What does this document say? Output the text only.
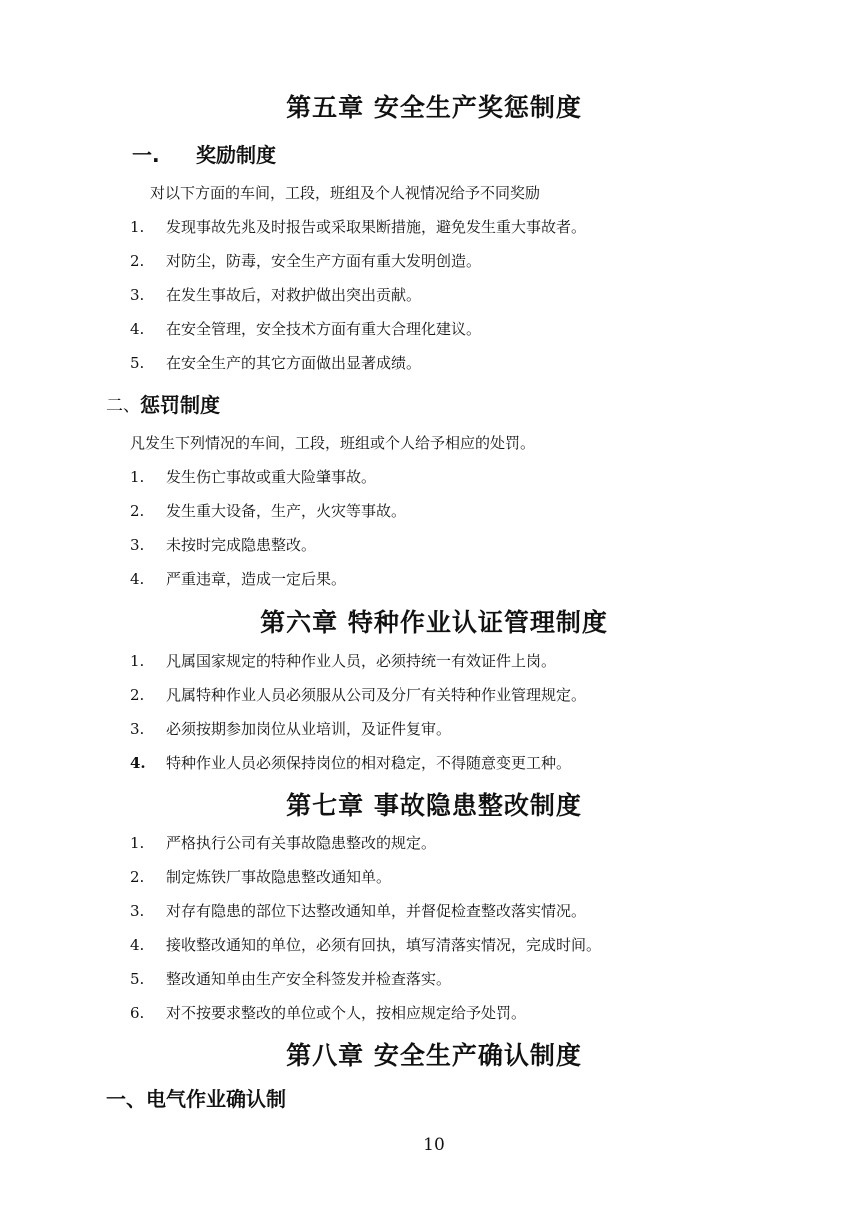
第五章 安全生产奖惩制度
一. 奖励制度
对以下方面的车间，工段，班组及个人视情况给予不同奖励
1. 发现事故先兆及时报告或采取果断措施，避免发生重大事故者。
2. 对防尘，防毒，安全生产方面有重大发明创造。
3. 在发生事故后，对救护做出突出贡献。
4. 在安全管理，安全技术方面有重大合理化建议。
5. 在安全生产的其它方面做出显著成绩。
二、 惩罚制度
凡发生下列情况的车间，工段，班组或个人给予相应的处罚。
1. 发生伤亡事故或重大险肇事故。
2. 发生重大设备，生产，火灾等事故。
3. 未按时完成隐患整改。
4. 严重违章，造成一定后果。
第六章 特种作业认证管理制度
1. 凡属国家规定的特种作业人员，必须持统一有效证件上岗。
2. 凡属特种作业人员必须服从公司及分厂有关特种作业管理规定。
3. 必须按期参加岗位从业培训，及证件复审。
4. 特种作业人员必须保持岗位的相对稳定，不得随意变更工种。
第七章 事故隐患整改制度
1. 严格执行公司有关事故隐患整改的规定。
2. 制定炼铁厂事故隐患整改通知单。
3. 对存有隐患的部位下达整改通知单，并督促检查整改落实情况。
4. 接收整改通知的单位，必须有回执，填写清落实情况，完成时间。
5. 整改通知单由生产安全科签发并检查落实。
6. 对不按要求整改的单位或个人，按相应规定给予处罚。
第八章 安全生产确认制度
一、电气作业确认制
10
